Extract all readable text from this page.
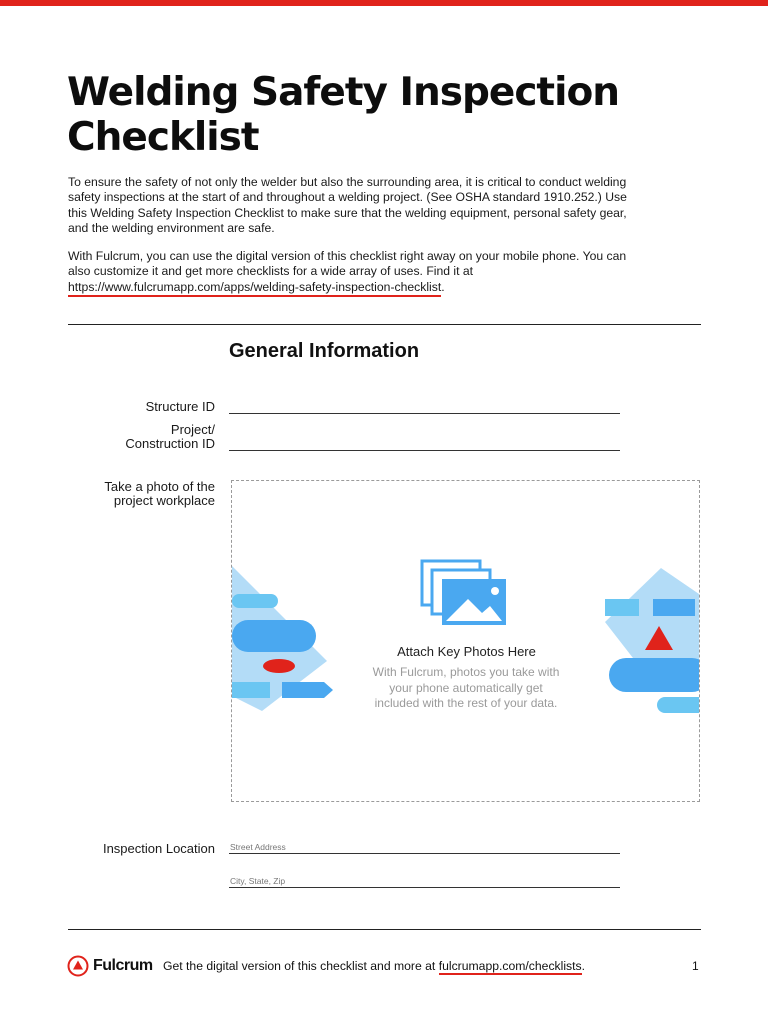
Welding Safety Inspection Checklist

To ensure the safety of not only the welder but also the surrounding area, it is critical to conduct welding safety inspections at the start of and throughout a welding project. (See OSHA standard 1910.252.) Use this Welding Safety Inspection Checklist to make sure that the welding equipment, personal safety gear, and the welding environment are safe.

With Fulcrum, you can use the digital version of this checklist right away on your mobile phone. You can also customize it and get more checklists for a wide array of uses. Find it at https://www.fulcrumapp.com/apps/welding-safety-inspection-checklist.

General Information
Structure ID
Project/
Construction ID
Take a photo of the
project workplace
Attach Key Photos Here
With Fulcrum, photos you take with your phone automatically get included with the rest of your data.
Inspection Location Street Address
City, State, Zip
Fulcrum Get the digital version of this checklist and more at fulcrumapp.com/checklists.	1
